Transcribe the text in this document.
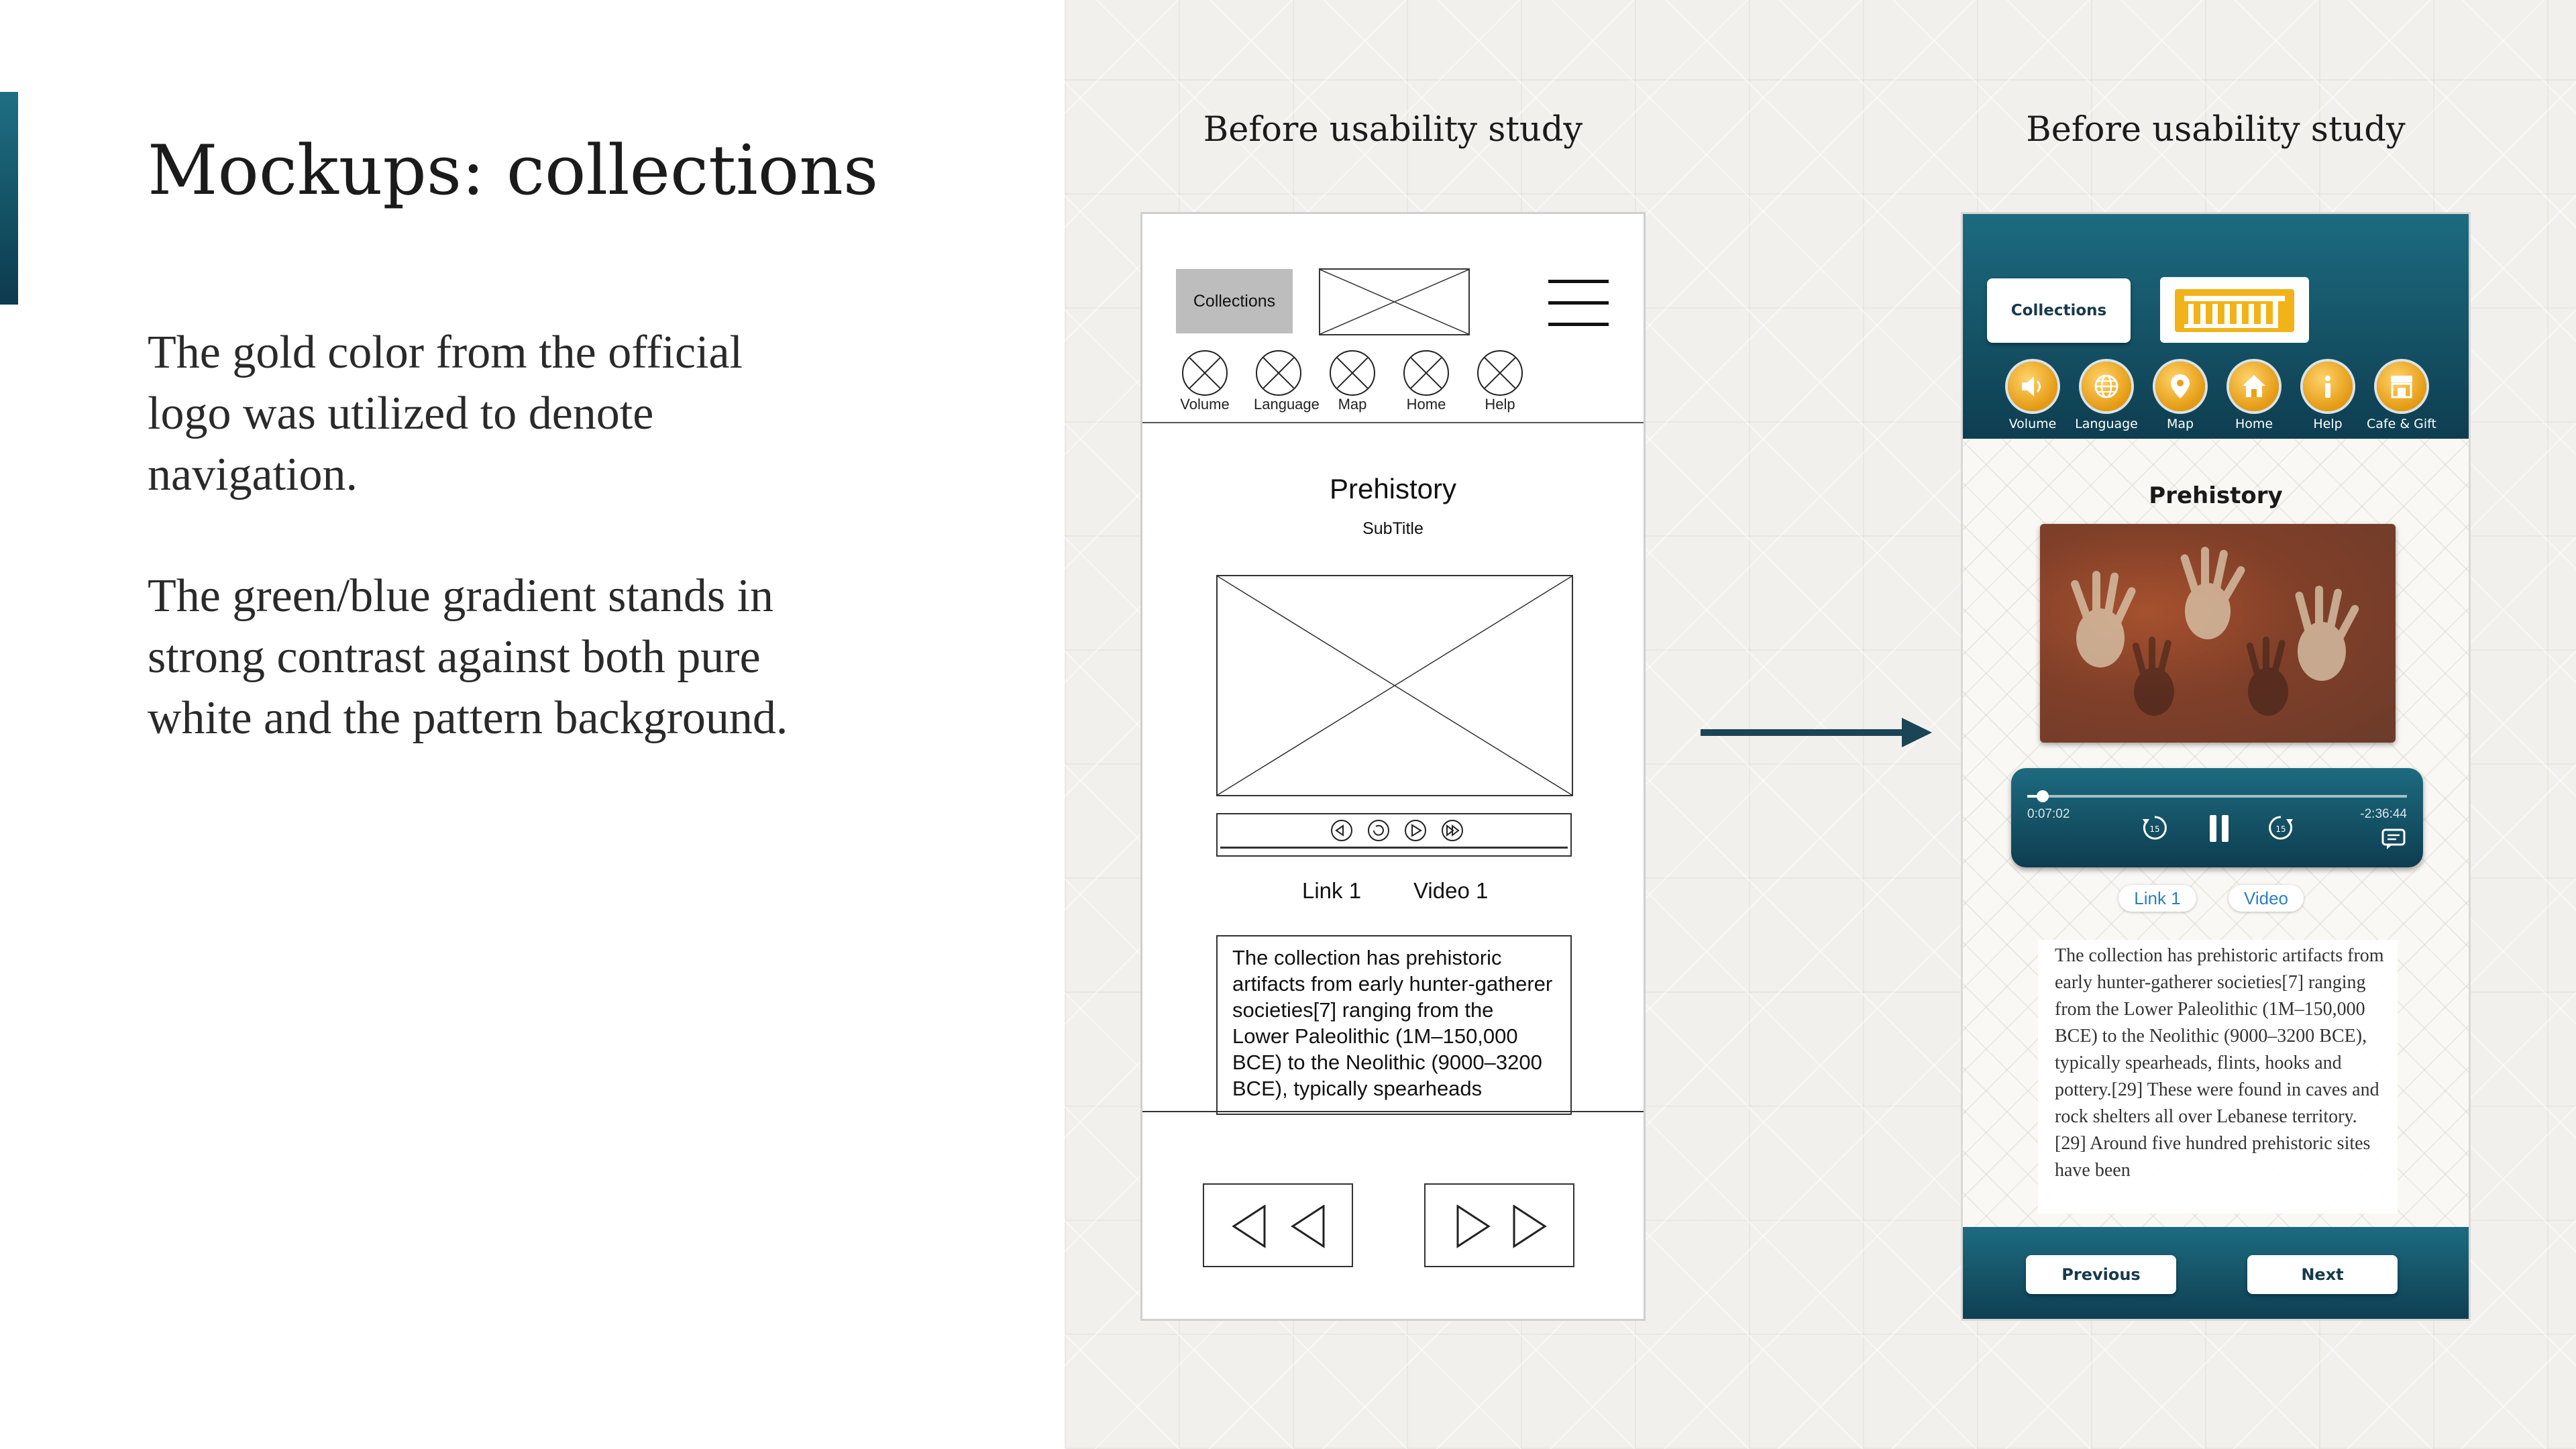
Mockups: collections
The gold color from the official
logo was utilized to denote
navigation.
The green/blue gradient stands in
strong contrast against both pure
white and the pattern background.
Before usability study	Before usability study
Collections
Volume Language	Map	Home	Help
Prehistory
SubTitle
Link 1 Video 1
The collection has prehistoric artifacts from early hunter-gatherer societies[7] ranging from the Lower Paleolithic (1M–150,000 BCE) to the Neolithic (9000–3200 BCE), typically spearheads
Collections
Volume	Language	Map	Home	Help	Cafe & Gift
Prehistory
0:07:02	-2:36:44
15	15
Link 1	Video
The collection has prehistoric artifacts from early hunter-gatherer societies[7] ranging from the Lower Paleolithic (1M–150,000 BCE) to the Neolithic (9000–3200 BCE), typically spearheads, flints, hooks and pottery.[29] These were found in caves and rock shelters all over Lebanese territory.[29] Around five hundred prehistoric sites have been
Previous	Next
